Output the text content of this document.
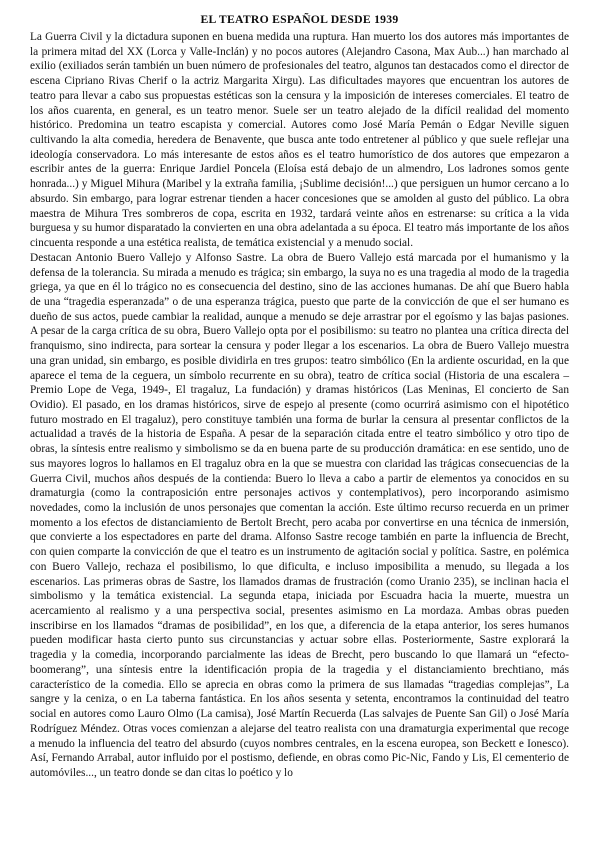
EL TEATRO ESPAÑOL DESDE 1939

La Guerra Civil y la dictadura suponen en buena medida una ruptura. Han muerto los dos autores más importantes de la primera mitad del XX (Lorca y Valle-Inclán) y no pocos autores (Alejandro Casona, Max Aub...) han marchado al exilio (exiliados serán también un buen número de profesionales del teatro, algunos tan destacados como el director de escena Cipriano Rivas Cherif o la actriz Margarita Xirgu). Las dificultades mayores que encuentran los autores de teatro para llevar a cabo sus propuestas estéticas son la censura y la imposición de intereses comerciales. El teatro de los años cuarenta, en general, es un teatro menor. Suele ser un teatro alejado de la difícil realidad del momento histórico. Predomina un teatro escapista y comercial. Autores como José María Pemán o Edgar Neville siguen cultivando la alta comedia, heredera de Benavente, que busca ante todo entretener al público y que suele reflejar una ideología conservadora. Lo más interesante de estos años es el teatro humorístico de dos autores que empezaron a escribir antes de la guerra: Enrique Jardiel Poncela (Eloísa está debajo de un almendro, Los ladrones somos gente honrada...) y Miguel Mihura (Maribel y la extraña familia, ¡Sublime decisión!...) que persiguen un humor cercano a lo absurdo. Sin embargo, para lograr estrenar tienden a hacer concesiones que se amolden al gusto del público. La obra maestra de Mihura Tres sombreros de copa, escrita en 1932, tardará veinte años en estrenarse: su crítica a la vida burguesa y su humor disparatado la convierten en una obra adelantada a su época. El teatro más importante de los años cincuenta responde a una estética realista, de temática existencial y a menudo social.

Destacan Antonio Buero Vallejo y Alfonso Sastre. La obra de Buero Vallejo está marcada por el humanismo y la defensa de la tolerancia. Su mirada a menudo es trágica; sin embargo, la suya no es una tragedia al modo de la tragedia griega, ya que en él lo trágico no es consecuencia del destino, sino de las acciones humanas. De ahí que Buero habla de una “tragedia esperanzada” o de una esperanza trágica, puesto que parte de la convicción de que el ser humano es dueño de sus actos, puede cambiar la realidad, aunque a menudo se deje arrastrar por el egoísmo y las bajas pasiones. A pesar de la carga crítica de su obra, Buero Vallejo opta por el posibilismo: su teatro no plantea una crítica directa del franquismo, sino indirecta, para sortear la censura y poder llegar a los escenarios. La obra de Buero Vallejo muestra una gran unidad, sin embargo, es posible dividirla en tres grupos: teatro simbólico (En la ardiente oscuridad, en la que aparece el tema de la ceguera, un símbolo recurrente en su obra), teatro de crítica social (Historia de una escalera – Premio Lope de Vega, 1949-, El tragaluz, La fundación) y dramas históricos (Las Meninas, El concierto de San Ovidio). El pasado, en los dramas históricos, sirve de espejo al presente (como ocurrirá asimismo con el hipotético futuro mostrado en El tragaluz), pero constituye también una forma de burlar la censura al presentar conflictos de la actualidad a través de la historia de España. A pesar de la separación citada entre el teatro simbólico y otro tipo de obras, la síntesis entre realismo y simbolismo se da en buena parte de su producción dramática: en ese sentido, uno de sus mayores logros lo hallamos en El tragaluz obra en la que se muestra con claridad las trágicas consecuencias de la Guerra Civil, muchos años después de la contienda: Buero lo lleva a cabo a partir de elementos ya conocidos en su dramaturgia (como la contraposición entre personajes activos y contemplativos), pero incorporando asimismo novedades, como la inclusión de unos personajes que comentan la acción. Este último recurso recuerda en un primer momento a los efectos de distanciamiento de Bertolt Brecht, pero acaba por convertirse en una técnica de inmersión, que convierte a los espectadores en parte del drama. Alfonso Sastre recoge también en parte la influencia de Brecht, con quien comparte la convicción de que el teatro es un instrumento de agitación social y política. Sastre, en polémica con Buero Vallejo, rechaza el posibilismo, lo que dificulta, e incluso imposibilita a menudo, su llegada a los escenarios. Las primeras obras de Sastre, los llamados dramas de frustración (como Uranio 235), se inclinan hacia el simbolismo y la temática existencial. La segunda etapa, iniciada por Escuadra hacia la muerte, muestra un acercamiento al realismo y a una perspectiva social, presentes asimismo en La mordaza. Ambas obras pueden inscribirse en los llamados “dramas de posibilidad”, en los que, a diferencia de la etapa anterior, los seres humanos pueden modificar hasta cierto punto sus circunstancias y actuar sobre ellas. Posteriormente, Sastre explorará la tragedia y la comedia, incorporando parcialmente las ideas de Brecht, pero buscando lo que llamará un “efecto-boomerang”, una síntesis entre la identificación propia de la tragedia y el distanciamiento brechtiano, más característico de la comedia. Ello se aprecia en obras como la primera de sus llamadas “tragedias complejas”, La sangre y la ceniza, o en La taberna fantástica. En los años sesenta y setenta, encontramos la continuidad del teatro social en autores como Lauro Olmo (La camisa), José Martín Recuerda (Las salvajes de Puente San Gil) o José María Rodríguez Méndez. Otras voces comienzan a alejarse del teatro realista con una dramaturgia experimental que recoge a menudo la influencia del teatro del absurdo (cuyos nombres centrales, en la escena europea, son Beckett e Ionesco). Así, Fernando Arrabal, autor influido por el postismo, defiende, en obras como Pic-Nic, Fando y Lis, El cementerio de automóviles..., un teatro donde se dan citas lo poético y lo
